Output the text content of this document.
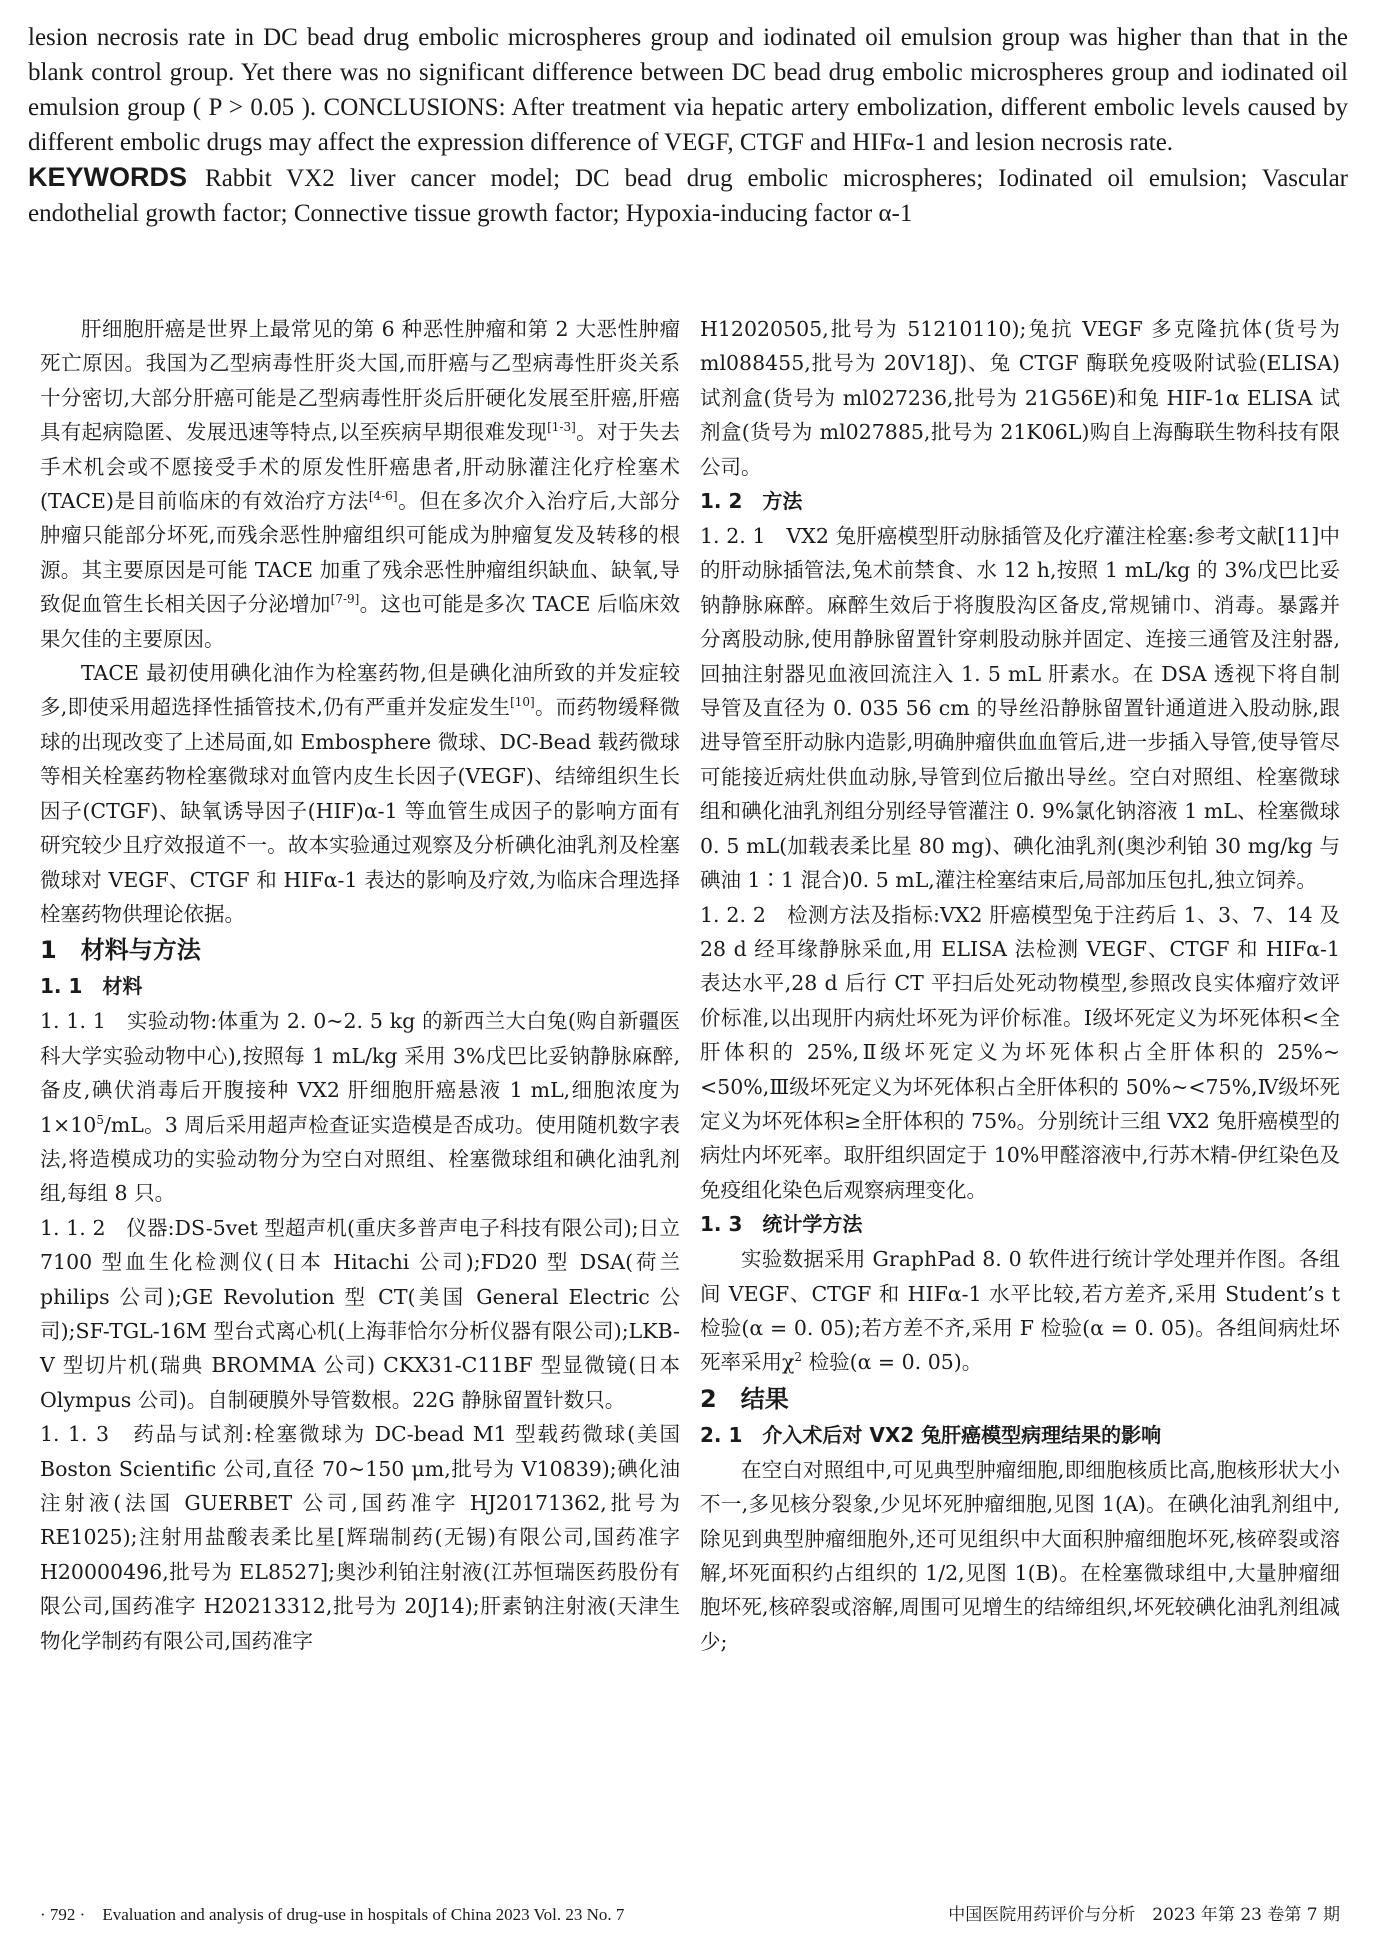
lesion necrosis rate in DC bead drug embolic microspheres group and iodinated oil emulsion group was higher than that in the blank control group. Yet there was no significant difference between DC bead drug embolic microspheres group and iodinated oil emulsion group ( P > 0.05 ). CONCLUSIONS: After treatment via hepatic artery embolization, different embolic levels caused by different embolic drugs may affect the expression difference of VEGF, CTGF and HIFα-1 and lesion necrosis rate.

KEYWORDS Rabbit VX2 liver cancer model; DC bead drug embolic microspheres; Iodinated oil emulsion; Vascular endothelial growth factor; Connective tissue growth factor; Hypoxia-inducing factor α-1

肝细胞肝癌是世界上最常见的第 6 种恶性肿瘤和第 2 大恶性肿瘤死亡原因。我国为乙型病毒性肝炎大国,而肝癌与乙型病毒性肝炎关系十分密切,大部分肝癌可能是乙型病毒性肝炎后肝硬化发展至肝癌,肝癌具有起病隐匿、发展迅速等特点,以至疾病早期很难发现[1-3]。对于失去手术机会或不愿接受手术的原发性肝癌患者,肝动脉灌注化疗栓塞术(TACE)是目前临床的有效治疗方法[4-6]。但在多次介入治疗后,大部分肿瘤只能部分坏死,而残余恶性肿瘤组织可能成为肿瘤复发及转移的根源。其主要原因是可能 TACE 加重了残余恶性肿瘤组织缺血、缺氧,导致促血管生长相关因子分泌增加[7-9]。这也可能是多次 TACE 后临床效果欠佳的主要原因。

TACE 最初使用碘化油作为栓塞药物,但是碘化油所致的并发症较多,即使采用超选择性插管技术,仍有严重并发症发生[10]。而药物缓释微球的出现改变了上述局面,如 Embosphere 微球、DC-Bead 载药微球等相关栓塞药物栓塞微球对血管内皮生长因子(VEGF)、结缔组织生长因子(CTGF)、缺氧诱导因子(HIF)α-1 等血管生成因子的影响方面有研究较少且疗效报道不一。故本实验通过观察及分析碘化油乳剂及栓塞微球对 VEGF、CTGF 和 HIFα-1 表达的影响及疗效,为临床合理选择栓塞药物供理论依据。

1　材料与方法

1. 1　材料

1. 1. 1　实验动物:体重为 2. 0~2. 5 kg 的新西兰大白兔(购自新疆医科大学实验动物中心),按照每 1 mL/kg 采用 3%戊巴比妥钠静脉麻醉,备皮,碘伏消毒后开腹接种 VX2 肝细胞肝癌悬液 1 mL,细胞浓度为 $1\times 10^5/mL$。3 周后采用超声检查证实造模是否成功。使用随机数字表法,将造模成功的实验动物分为空白对照组、栓塞微球组和碘化油乳剂组,每组 8 只。

1. 1. 2　仪器:DS-5vet 型超声机(重庆多普声电子科技有限公司);日立 7100 型血生化检测仪(日本 Hitachi 公司);FD20 型 DSA(荷兰 philips 公司);GE Revolution 型 CT(美国 General Electric 公司);SF-TGL-16M 型台式离心机(上海菲恰尔分析仪器有限公司);LKB-V 型切片机(瑞典 BROMMA 公司) CKX31-C11BF 型显微镜(日本 Olympus 公司)。自制硬膜外导管数根。22G 静脉留置针数只。

1. 1. 3　药品与试剂:栓塞微球为 DC-bead M1 型载药微球(美国 Boston Scientific 公司,直径 70~150 μm,批号为 V10839);碘化油注射液(法国 GUERBET 公司,国药准字 HJ20171362,批号为 RE1025);注射用盐酸表柔比星[辉瑞制药(无锡)有限公司,国药准字 H20000496,批号为 EL8527];奥沙利铂注射液(江苏恒瑞医药股份有限公司,国药准字 H20213312,批号为 20J14);肝素钠注射液(天津生物化学制药有限公司,国药准字

H12020505,批号为 51210110);兔抗 VEGF 多克隆抗体(货号为 ml088455,批号为 20V18J)、兔 CTGF 酶联免疫吸附试验(ELISA)试剂盒(货号为 ml027236,批号为 21G56E)和兔 HIF-1α ELISA 试剂盒(货号为 ml027885,批号为 21K06L)购自上海酶联生物科技有限公司。

1. 2　方法

1. 2. 1　VX2 兔肝癌模型肝动脉插管及化疗灌注栓塞:参考文献[11]中的肝动脉插管法,兔术前禁食、水 12 h,按照 1 mL/kg 的 3%戊巴比妥钠静脉麻醉。麻醉生效后于将腹股沟区备皮,常规铺巾、消毒。暴露并分离股动脉,使用静脉留置针穿刺股动脉并固定、连接三通管及注射器,回抽注射器见血液回流注入 1. 5 mL 肝素水。在 DSA 透视下将自制导管及直径为 0. 035 56 cm 的导丝沿静脉留置针通道进入股动脉,跟进导管至肝动脉内造影,明确肿瘤供血血管后,进一步插入导管,使导管尽可能接近病灶供血动脉,导管到位后撤出导丝。空白对照组、栓塞微球组和碘化油乳剂组分别经导管灌注 0. 9%氯化钠溶液 1 mL、栓塞微球 0. 5 mL(加载表柔比星 80 mg)、碘化油乳剂(奥沙利铂 30 mg/kg 与碘油 1∶1 混合)0. 5 mL,灌注栓塞结束后,局部加压包扎,独立饲养。

1. 2. 2　检测方法及指标:VX2 肝癌模型兔于注药后 1、3、7、14 及 28 d 经耳缘静脉采血,用 ELISA 法检测 VEGF、CTGF 和 HIFα-1 表达水平,28 d 后行 CT 平扫后处死动物模型,参照改良实体瘤疗效评价标准,以出现肝内病灶坏死为评价标准。Ⅰ级坏死定义为坏死体积<全肝体积的 25%,Ⅱ级坏死定义为坏死体积占全肝体积的 25%~<50%,Ⅲ级坏死定义为坏死体积占全肝体积的 50%~<75%,Ⅳ级坏死定义为坏死体积≥全肝体积的 75%。分别统计三组 VX2 兔肝癌模型的病灶内坏死率。取肝组织固定于 10%甲醛溶液中,行苏木精-伊红染色及免疫组化染色后观察病理变化。

1. 3　统计学方法

实验数据采用 GraphPad 8. 0 软件进行统计学处理并作图。各组间 VEGF、CTGF 和 HIFα-1 水平比较,若方差齐,采用 Student’s t 检验(α = 0. 05);若方差不齐,采用 F 检验(α = 0. 05)。各组间病灶坏死率采用$\chi^2$ 检验(α = 0. 05)。

2　结果

2. 1　介入术后对 VX2 兔肝癌模型病理结果的影响

在空白对照组中,可见典型肿瘤细胞,即细胞核质比高,胞核形状大小不一,多见核分裂象,少见坏死肿瘤细胞,见图 1(A)。在碘化油乳剂组中,除见到典型肿瘤细胞外,还可见组织中大面积肿瘤细胞坏死,核碎裂或溶解,坏死面积约占组织的 1/2,见图 1(B)。在栓塞微球组中,大量肿瘤细胞坏死,核碎裂或溶解,周围可见增生的结缔组织,坏死较碘化油乳剂组减少;

· 792 ·　Evaluation and analysis of drug-use in hospitals of China 2023 Vol. 23 No. 7	中国医院用药评价与分析　2023 年第 23 卷第 7 期
